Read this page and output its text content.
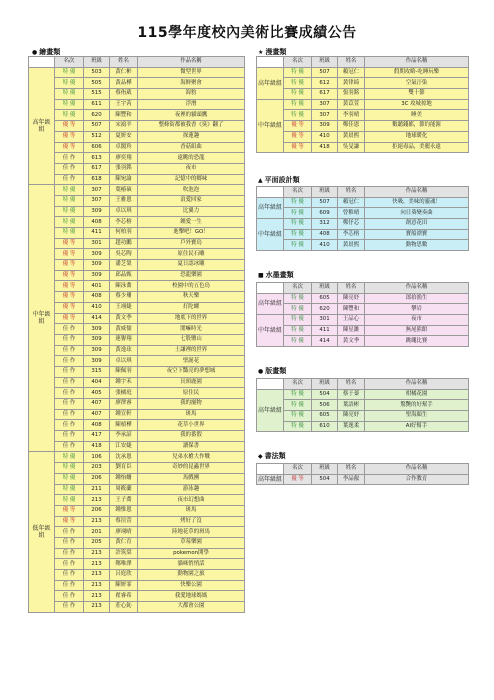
115學年度校內美術比賽成績公告
● 繪畫類
	名次	班級	姓名	作品名稱
高年級組	特 優	503	黃仁彬	微型世界
	特 優	505	黃品樺	海鮮聚會
	特 優	515	蔡侑葳	海豹
	特 優	611	王宇芮	浮潛
	特 優	620	陳豐和	夜裡的貓頭鷹
	優 等	507	宋鴻羊	整條街都被我香《臭》翻了
	優 等	512	夏妍安	探蓮趣
	優 等	606	卓閣羚	香菇組曲
	佳 作	613	廖奕翔	遠眺的恐龍
	佳 作	617	張羽銘	夜市
	佳 作	618	陳宛諭	記憶中的鄉味
中年級組	特 優	307	葉椿碩	吹泡泡
	特 優	307	王雅恩	浪愛回家
	特 優	309	卓以琪	比翼力
	特 優	408	李芯榕	鍾愛一生
	特 優	411	何柏羽	進擊吧！GO！
	優 等	301	趙功鵬	戶外寶鳥
	優 等	309	吳芯陶	原住民石雕
	優 等	309	潘芝榮	夏日認冰雕
	優 等	309	邱品甄	恐龍樂園
	優 等	401	陳泳蕎	校園中的五色鳥
	優 等	408	蔡少珊	秋天樂
	優 等	410	王翊婕	打陀螺
	優 等	414	黃文季	地底下的世界
	佳 作	309	黃威儒	閒嘛時光
	佳 作	309	連譽翔	七股鹽山
	佳 作	309	黃逸玹	士謙裡的世界
	佳 作	309	卓以琪	聖誕花
	佳 作	315	陳佩羽	夜空下豔亮的夢想城
	佳 作	404	鍾宇禾	長頸鹿園
	佳 作	405	張橘庭	原住民
	佳 作	407	廖澤睿	我的寵物
	佳 作	407	鍾宣軒	斑馬
	佳 作	408	陳楨樺	花草小世界
	佳 作	417	李承諺	我的番假
	佳 作	418	江安婕	讀保書
低年級組	特 優	106	沈承恩	兒弟水槍大作戰
	特 優	203	劉育臣	奇妙的昆蟲世界
	特 優	206	鍾怡姍	馬戲團
	特 優	211	周筱蘭	游泳趣
	特 優	213	王子喬	夜市幻想曲
	優 等	206	鍾惟恩	斑馬
	優 等	213	蔡渲萱	烤好了沒
	佳 作	201	廖翊晴	陸地花草的斑馬
	佳 作	205	黃仁育	草莓樂園
	佳 作	213	許筑棠	pokemon開學
	佳 作	213	鄭唯澤	貓咪悄悄話
	佳 作	213	呂庭欣	動物園之旅
	佳 作	213	陳妍霏	快樂公園
	佳 作	213	翟睿希	我愛地球媽媽
	佳 作	213	莊心鈊	大都會公園
★ 漫畫類
	名次	班級	姓名	作品名稱
高年級組	特 優	507	賴冠仁	假期攻略-吃睡玩樂
	特 優	612	黃律綺	空氣汙染
	特 優	617	張羽銘	雙十節
中年級組	特 優	307	黃苡萱	3C 攻城掠地
	特 優	307	李羽晴	睡美
	優 等	309	鄭佳恩	數聽錢都，節約能源
	優 等	410	黃晨熙	地球暖化
	優 等	418	吳旻謙	拒絕毒品，美麗永遠
▲ 平面設計類
	名次	班級	姓名	作品名稱
高年級組	特 優	507	賴冠仁	快吸，美味的靈魂！
	特 優	609	曾稚晴	向日葵變奏曲
中年級組	特 優	312	鄭伃芯	創意花田
	特 優	408	李芯榕	寶船漂寶
	特 優	410	黃晨熙	動物思數
■ 水墨畫類
	名次	班級	姓名	作品名稱
高年級組	特 優	605	陳亮妤	郎拾漁生
	特 優	620	陳豐和	攀岩
中年級組	特 優	301	王品心	夜市
	特 優	411	陳星濰	無尾熊館
	特 優	414	黃文季	跳繩比賽
● 版畫類
	名次	班級	姓名	作品名稱
高年級組	特 優	504	蔡于蓁	柑橘花園
	特 優	506	葉語彬	驚艷的好幫手
	特 優	605	陳亮妤	聖海顏生
	特 優	610	葉逸柔	AI好幫手
◆ 書法類
	名次	班級	姓名	作品名稱
高年級組	優 等	504	李品叡	合作教育
